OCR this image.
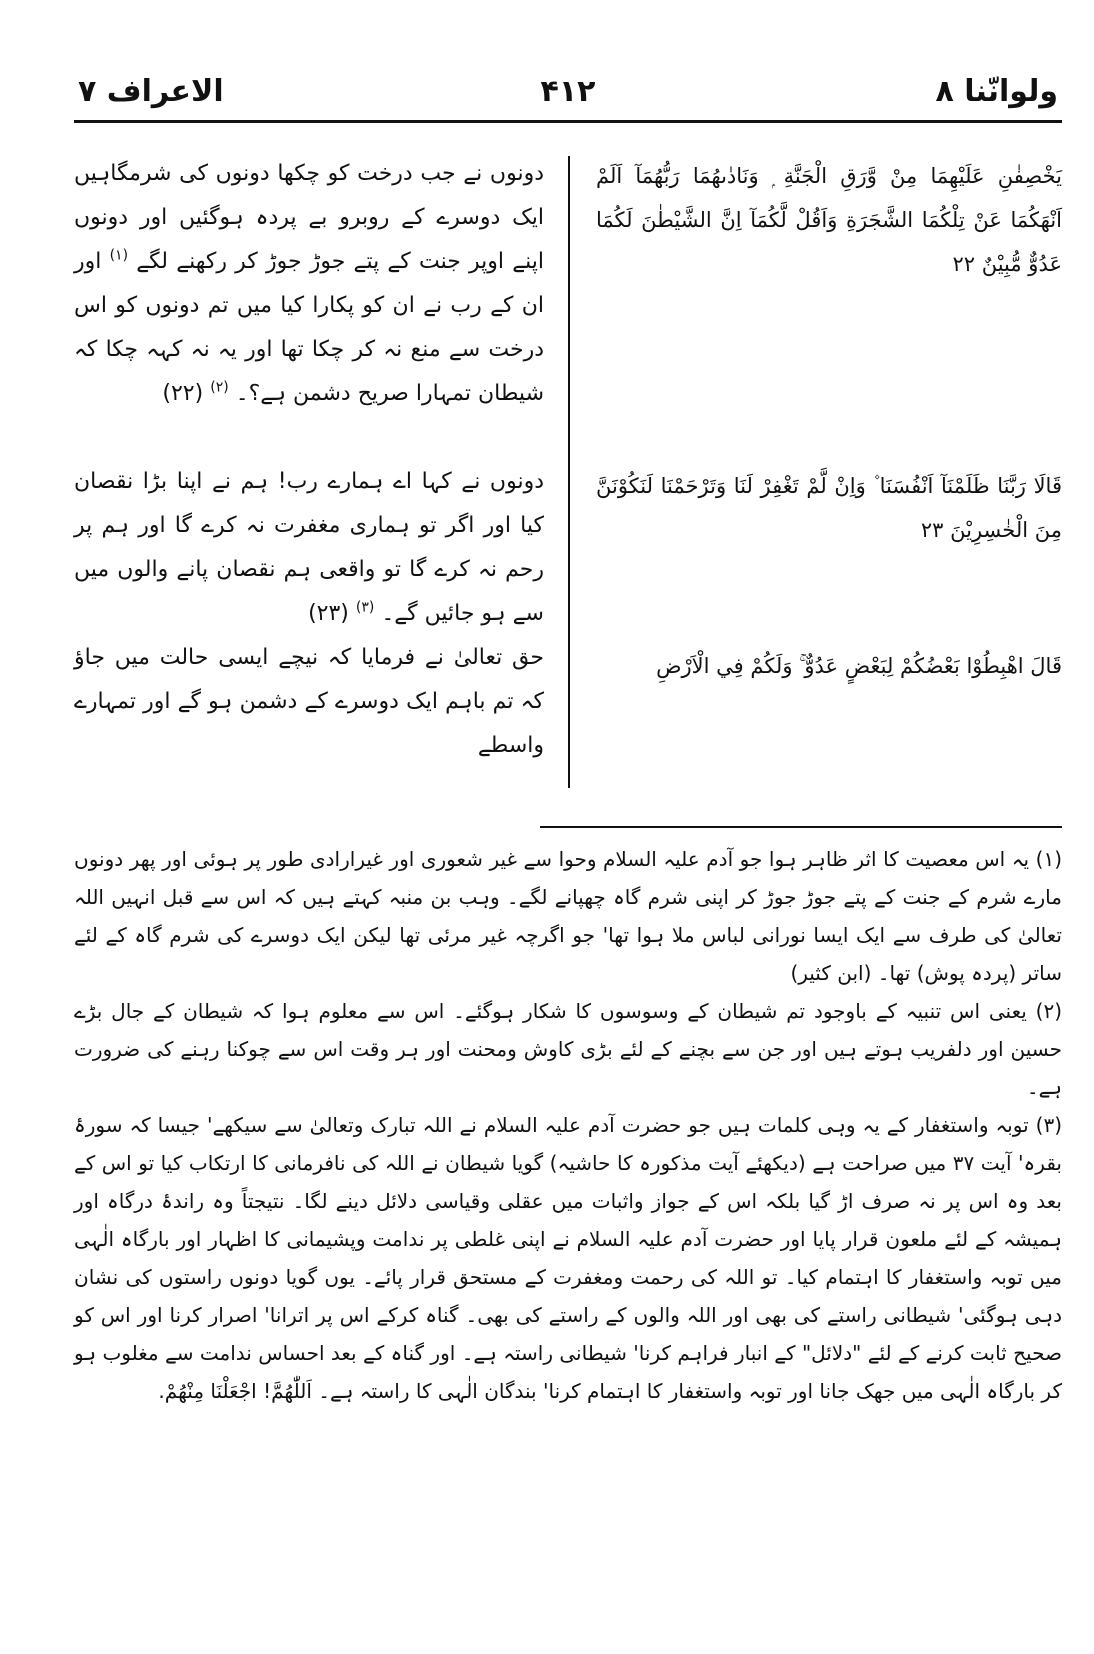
ولوانّنا ۸
۴۱۲
الاعراف ۷
يَخْصِفٰنِ عَلَيْهِمَا مِنْ وَّرَقِ الْجَنَّةِ ۭ وَنَادٰىهُمَا رَبُّهُمَآ اَلَمْ اَنْهَكُمَا عَنْ تِلْكُمَا الشَّجَرَةِ وَاَقُلْ لَّكُمَآ اِنَّ الشَّيْطٰنَ لَكُمَا عَدُوٌّ مُّبِيْنٌ ۲۲
قَالَا رَبَّنَا ظَلَمْنَآ اَنْفُسَنَا ۫ وَاِنْ لَّمْ تَغْفِرْ لَنَا وَتَرْحَمْنَا لَنَكُوْنَنَّ مِنَ الْخٰسِرِيْنَ ۲۳
قَالَ اهْبِطُوْا بَعْضُكُمْ لِبَعْضٍ عَدُوٌّ ۚ وَلَكُمْ فِي الْاَرْضِ
دونوں نے جب درخت کو چکھا دونوں کی شرمگاہیں ایک دوسرے کے روبرو بے پردہ ہوگئیں اور دونوں اپنے اوپر جنت کے پتے جوڑ جوڑ کر رکھنے لگے $^{(۱)}$ اور ان کے رب نے ان کو پکارا کیا میں تم دونوں کو اس درخت سے منع نہ کر چکا تھا اور یہ نہ کہہ چکا کہ شیطان تمہارا صریح دشمن ہے؟۔ $^{(۲)}$ (۲۲)
دونوں نے کہا اے ہمارے رب! ہم نے اپنا بڑا نقصان کیا اور اگر تو ہماری مغفرت نہ کرے گا اور ہم پر رحم نہ کرے گا تو واقعی ہم نقصان پانے والوں میں سے ہو جائیں گے۔ $^{(۳)}$ (۲۳)
حق تعالیٰ نے فرمایا کہ نیچے ایسی حالت میں جاؤ کہ تم باہم ایک دوسرے کے دشمن ہو گے اور تمہارے واسطے

(۱) یہ اس معصیت کا اثر ظاہر ہوا جو آدم علیہ السلام وحوا سے غیر شعوری اور غیرارادی طور پر ہوئی اور پھر دونوں مارے شرم کے جنت کے پتے جوڑ جوڑ کر اپنی شرم گاہ چھپانے لگے۔ وہب بن منبہ کہتے ہیں کہ اس سے قبل انہیں اللہ تعالیٰ کی طرف سے ایک ایسا نورانی لباس ملا ہوا تھا' جو اگرچہ غیر مرئی تھا لیکن ایک دوسرے کی شرم گاہ کے لئے ساتر (پردہ پوش) تھا۔ (ابن کثیر)

(۲) یعنی اس تنبیہ کے باوجود تم شیطان کے وسوسوں کا شکار ہوگئے۔ اس سے معلوم ہوا کہ شیطان کے جال بڑے حسین اور دلفریب ہوتے ہیں اور جن سے بچنے کے لئے بڑی کاوش ومحنت اور ہر وقت اس سے چوکنا رہنے کی ضرورت ہے۔

(۳) توبہ واستغفار کے یہ وہی کلمات ہیں جو حضرت آدم علیہ السلام نے اللہ تبارک وتعالیٰ سے سیکھے' جیسا کہ سورۂ بقرہ' آیت ۳۷ میں صراحت ہے (دیکھئے آیت مذکورہ کا حاشیہ) گویا شیطان نے اللہ کی نافرمانی کا ارتکاب کیا تو اس کے بعد وہ اس پر نہ صرف اڑ گیا بلکہ اس کے جواز واثبات میں عقلی وقیاسی دلائل دینے لگا۔ نتیجتاً وہ راندۂ درگاہ اور ہمیشہ کے لئے ملعون قرار پایا اور حضرت آدم علیہ السلام نے اپنی غلطی پر ندامت وپشیمانی کا اظہار اور بارگاہ الٰہی میں توبہ واستغفار کا اہتمام کیا۔ تو اللہ کی رحمت ومغفرت کے مستحق قرار پائے۔ یوں گویا دونوں راستوں کی نشان دہی ہوگئی' شیطانی راستے کی بھی اور اللہ والوں کے راستے کی بھی۔ گناہ کرکے اس پر اترانا' اصرار کرنا اور اس کو صحیح ثابت کرنے کے لئے "دلائل" کے انبار فراہم کرنا' شیطانی راستہ ہے۔ اور گناہ کے بعد احساس ندامت سے مغلوب ہو کر بارگاہ الٰہی میں جھک جانا اور توبہ واستغفار کا اہتمام کرنا' بندگان الٰہی کا راستہ ہے۔ اَللّٰهُمَّ! اجْعَلْنَا مِنْهُمْ.
